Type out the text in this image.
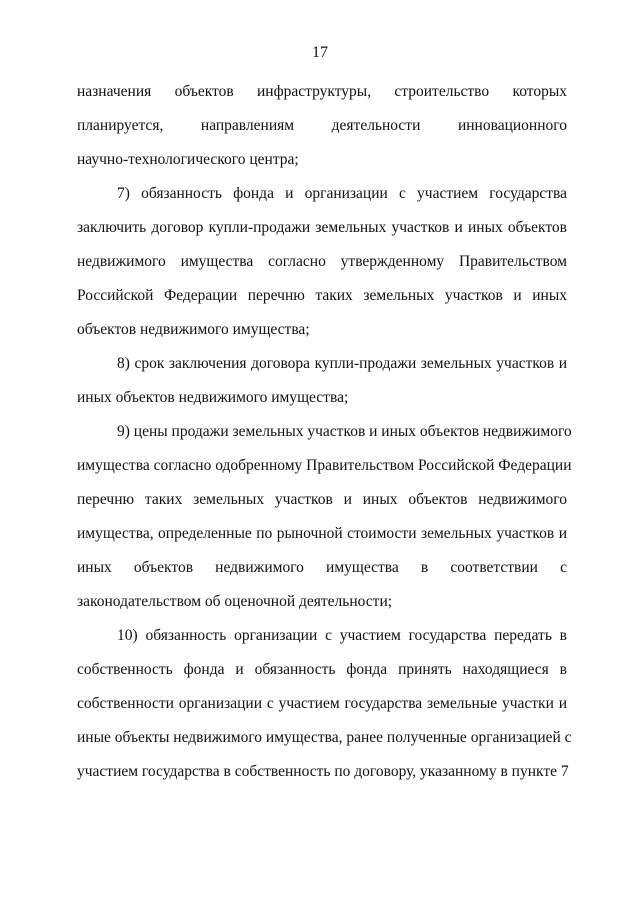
17
назначения объектов инфраструктуры, строительство которых
планируется, направлениям деятельности инновационного
научно-технологического центра;
7) обязанность фонда и организации с участием государства
заключить договор купли-продажи земельных участков и иных объектов
недвижимого имущества согласно утвержденному Правительством
Российской Федерации перечню таких земельных участков и иных
объектов недвижимого имущества;
8) срок заключения договора купли-продажи земельных участков и
иных объектов недвижимого имущества;
9) цены продажи земельных участков и иных объектов недвижимого
имущества согласно одобренному Правительством Российской Федерации
перечню таких земельных участков и иных объектов недвижимого
имущества, определенные по рыночной стоимости земельных участков и
иных объектов недвижимого имущества в соответствии с
законодательством об оценочной деятельности;
10) обязанность организации с участием государства передать в
собственность фонда и обязанность фонда принять находящиеся в
собственности организации с участием государства земельные участки и
иные объекты недвижимого имущества, ранее полученные организацией с
участием государства в собственность по договору, указанному в пункте 7
